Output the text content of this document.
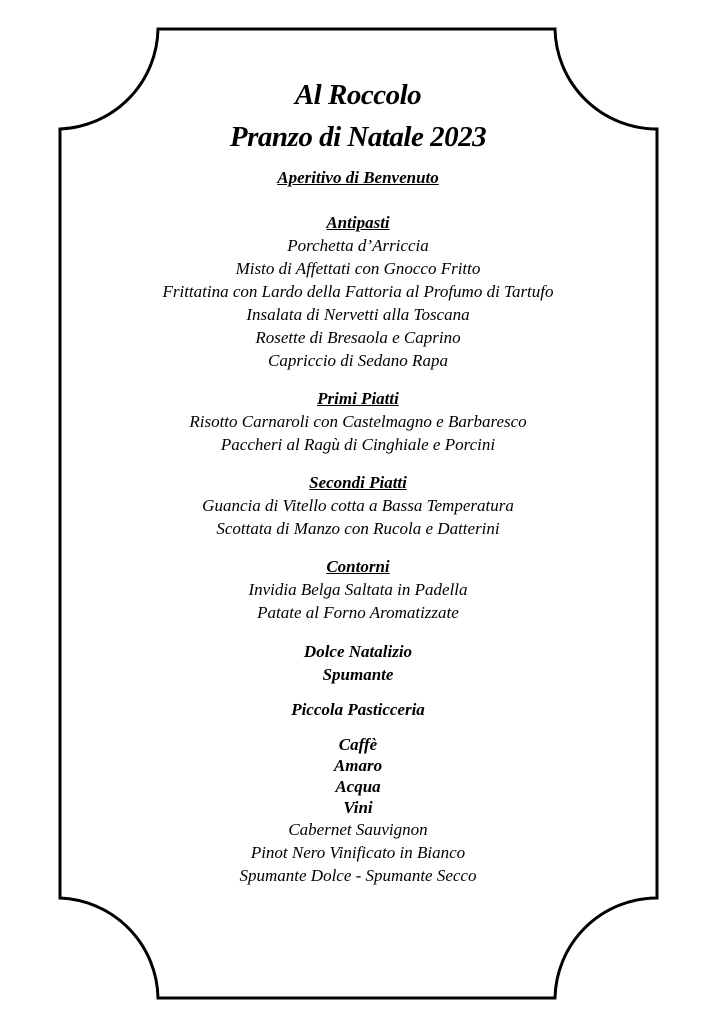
Al Roccolo
Pranzo di Natale 2023
Aperitivo di Benvenuto
Antipasti
Porchetta d’Arriccia
Misto di Affettati con Gnocco Fritto
Frittatina con Lardo della Fattoria al Profumo di Tartufo
Insalata di Nervetti alla Toscana
Rosette di Bresaola e Caprino
Capriccio di Sedano Rapa
Primi Piatti
Risotto Carnaroli con Castelmagno e Barbaresco
Paccheri al Ragù di Cinghiale e Porcini
Secondi Piatti
Guancia di Vitello cotta a Bassa Temperatura
Scottata di Manzo con Rucola e Datterini
Contorni
Invidia Belga Saltata in Padella
Patate al Forno Aromatizzate
Dolce Natalizio
Spumante
Piccola Pasticceria
Caffè
Amaro
Acqua
Vini
Cabernet Sauvignon
Pinot Nero Vinificato in Bianco
Spumante Dolce - Spumante Secco
